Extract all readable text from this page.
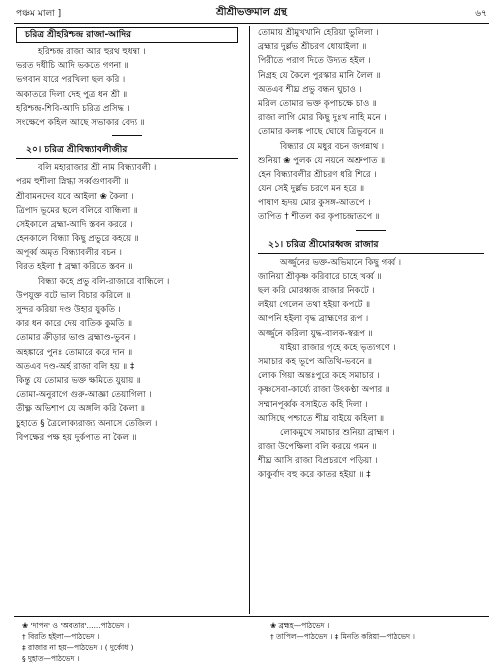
পঞ্চম মালা ]	শ্রীশ্রীভক্তমাল গ্রন্থ	৬৭
চরিত্র শ্রীহরিশ্চন্দ্র রাজা-আদির
হরিশ্চন্দ্র রাজা আর হুরথ হুধন্বা ।
ভরত দধীচি আদি ভকতে গণনা ॥
ভগবান যারে পরখিলা ছল করি ।
অকাতরে দিলা দেহ পুত্র ধন শ্রী ॥
হরিশ্চন্দ্র-শিবি-আদি চরিত্র প্রসিদ্ধ ।
সংক্ষেপে কহিল আছে সভাকার বেদ্য ॥
২০। চরিত্র শ্রীবিন্ধ্যাবলীজীর
বলি মহারাজার শ্রী নাম বিন্ধ্যাবলী ।
পরম হুশীলা স্নিগ্ধা সর্ব্বগুণাবলী ॥
শ্রীবামনদেব যবে আইলা ❀ কৈলা ।
ত্রিপাদ ভূমের ছলে বলিরে বান্ধিলা ॥
সেইকালে ব্রহ্মা-আদি স্তবন কররে ।
হেনকালে বিন্ধ্যা কিছু প্রভুরে কহয়ে ॥
অপূর্ব্ব অমৃত বিন্ধ্যাবলীর বচন ।
বিরত হইলা † ব্রহ্মা করিতে স্তবন ॥
বিন্ধ্যা কহে প্রভু বলি-রাজারে বান্ধিলে ।
উপযুক্ত বটে ভাল বিচার করিলে ॥
সুন্দর করিয়া দণ্ড উহার যুকতি ।
কার ধন কারে দেয় বাতিক কুমতি ॥
তোমার ক্রীড়ার ভাণ্ড ব্রহ্মাণ্ড-ভুবন ।
অহঙ্কারে পুনঃ তোমারে করে দান ॥
অতএব দণ্ড-অর্হ রাজা বলি হয় ॥ ‡
কিন্তু যে তোমার ভক্ত ক্ষমিতে যুয়ায় ॥
তোমা-অনুরাগে গুরু-আজ্ঞা তেয়াগিলা ।
তীক্ষ্ণ অভিশাপ যে অঙ্গলি করি কৈলা ॥
চুহাতে § ত্রৈলোক্যরাজ্য অনাসে তেজিল ।
বিপক্ষের পক্ষ হয় দুর্কপাত না কৈল ॥
তোমায় শ্রীমুখখানি হেরিয়া ভুলিলা ।
ব্রহ্মার দুর্ল্লভ শ্রীচরণ ধোয়াইলা ॥
পিরীতে পরাণ দিতে উদ্যত হইল ।
নিগ্রহ যে কৈলে পুরস্কার মানি লৈল ॥
অতএব শীঘ্র প্রভু বন্ধন ঘুচাও ।
মরিল তোমার ভক্ত কৃপাচক্ষে চাও ॥
রাজা লাগি মোর কিছু দুঃখ নাহি মনে ।
তোমার কলঙ্ক পাছে ঘোষে ত্রিভুবনে ॥
বিন্ধ্যার যে মধুর বচন জগন্নাথ ।
শুনিয়া ❀ পুলক যে নয়নে অশ্রুপাত ॥
হেন বিন্ধ্যাবলীর শ্রীচরণ ধরি শিরে ।
যেন সেই দুর্ল্লভ চরণে মন হরে ॥
পাষাণ হৃদয় মোর কুসঙ্গ-আতপে ।
তাপিত † শীতল কর কৃপাচন্দ্রাতপে ॥
২১। চরিত্র শ্রীমোরধ্বজ রাজার
অর্জ্জুনের ভক্ত-অভিমানে কিছু গর্ব্ব ।
জানিয়া শ্রীকৃষ্ণ করিবারে চাহে খর্ব্ব ॥
ছল করি মোরধ্বজ রাজার নিকটে ।
লইয়া গেলেন তথা হইয়া কপটে ॥
আপনি হইলা বৃদ্ধ ব্রাহ্মণের রূপ ।
অর্জ্জুনে করিলা যুদ্ধ-বালক-স্বরূপ ॥
যাইয়া রাজার গৃহে কহে ভৃত্যগণে ।
সমাচার কহ ভূপে অতিথি-ভবনে ॥
লোক গিয়া অন্তঃপুরে কহে সমাচার ।
কৃষ্ণসেবা-কার্য্যে রাজা উৎকণ্ঠা অপার ॥
সম্মানপূর্ব্বক বসাইতে কহি দিলা ।
আসিছে পশ্চাতে শীঘ্র বাইয়ে কহিলা ॥
লোকমুখে সমাচার শুনিয়া ব্রাহ্মণ ।
রাজা উপেক্ষিলা বলি করয়ে গমন ॥
শীঘ্র আসি রাজা বিপ্রচরণে পড়িয়া ।
কাকুর্বাদ বহু করে কাতর হইয়া ॥ ‡
❀ 'দাপন' ও 'অবতার'......পাঠভেদ ।
† বিরতি হইলা—পাঠভেদ ।
‡ রাজার না হয়—পাঠভেদ । ( দুর্কোধ )
§ দুহাত—পাঠভেদ ।
❀ ব্রহ্মহ—পাঠভেদ ।
† তাপিল—পাঠভেদ । ‡ মিনতি করিয়া—পাঠভেদ ।
